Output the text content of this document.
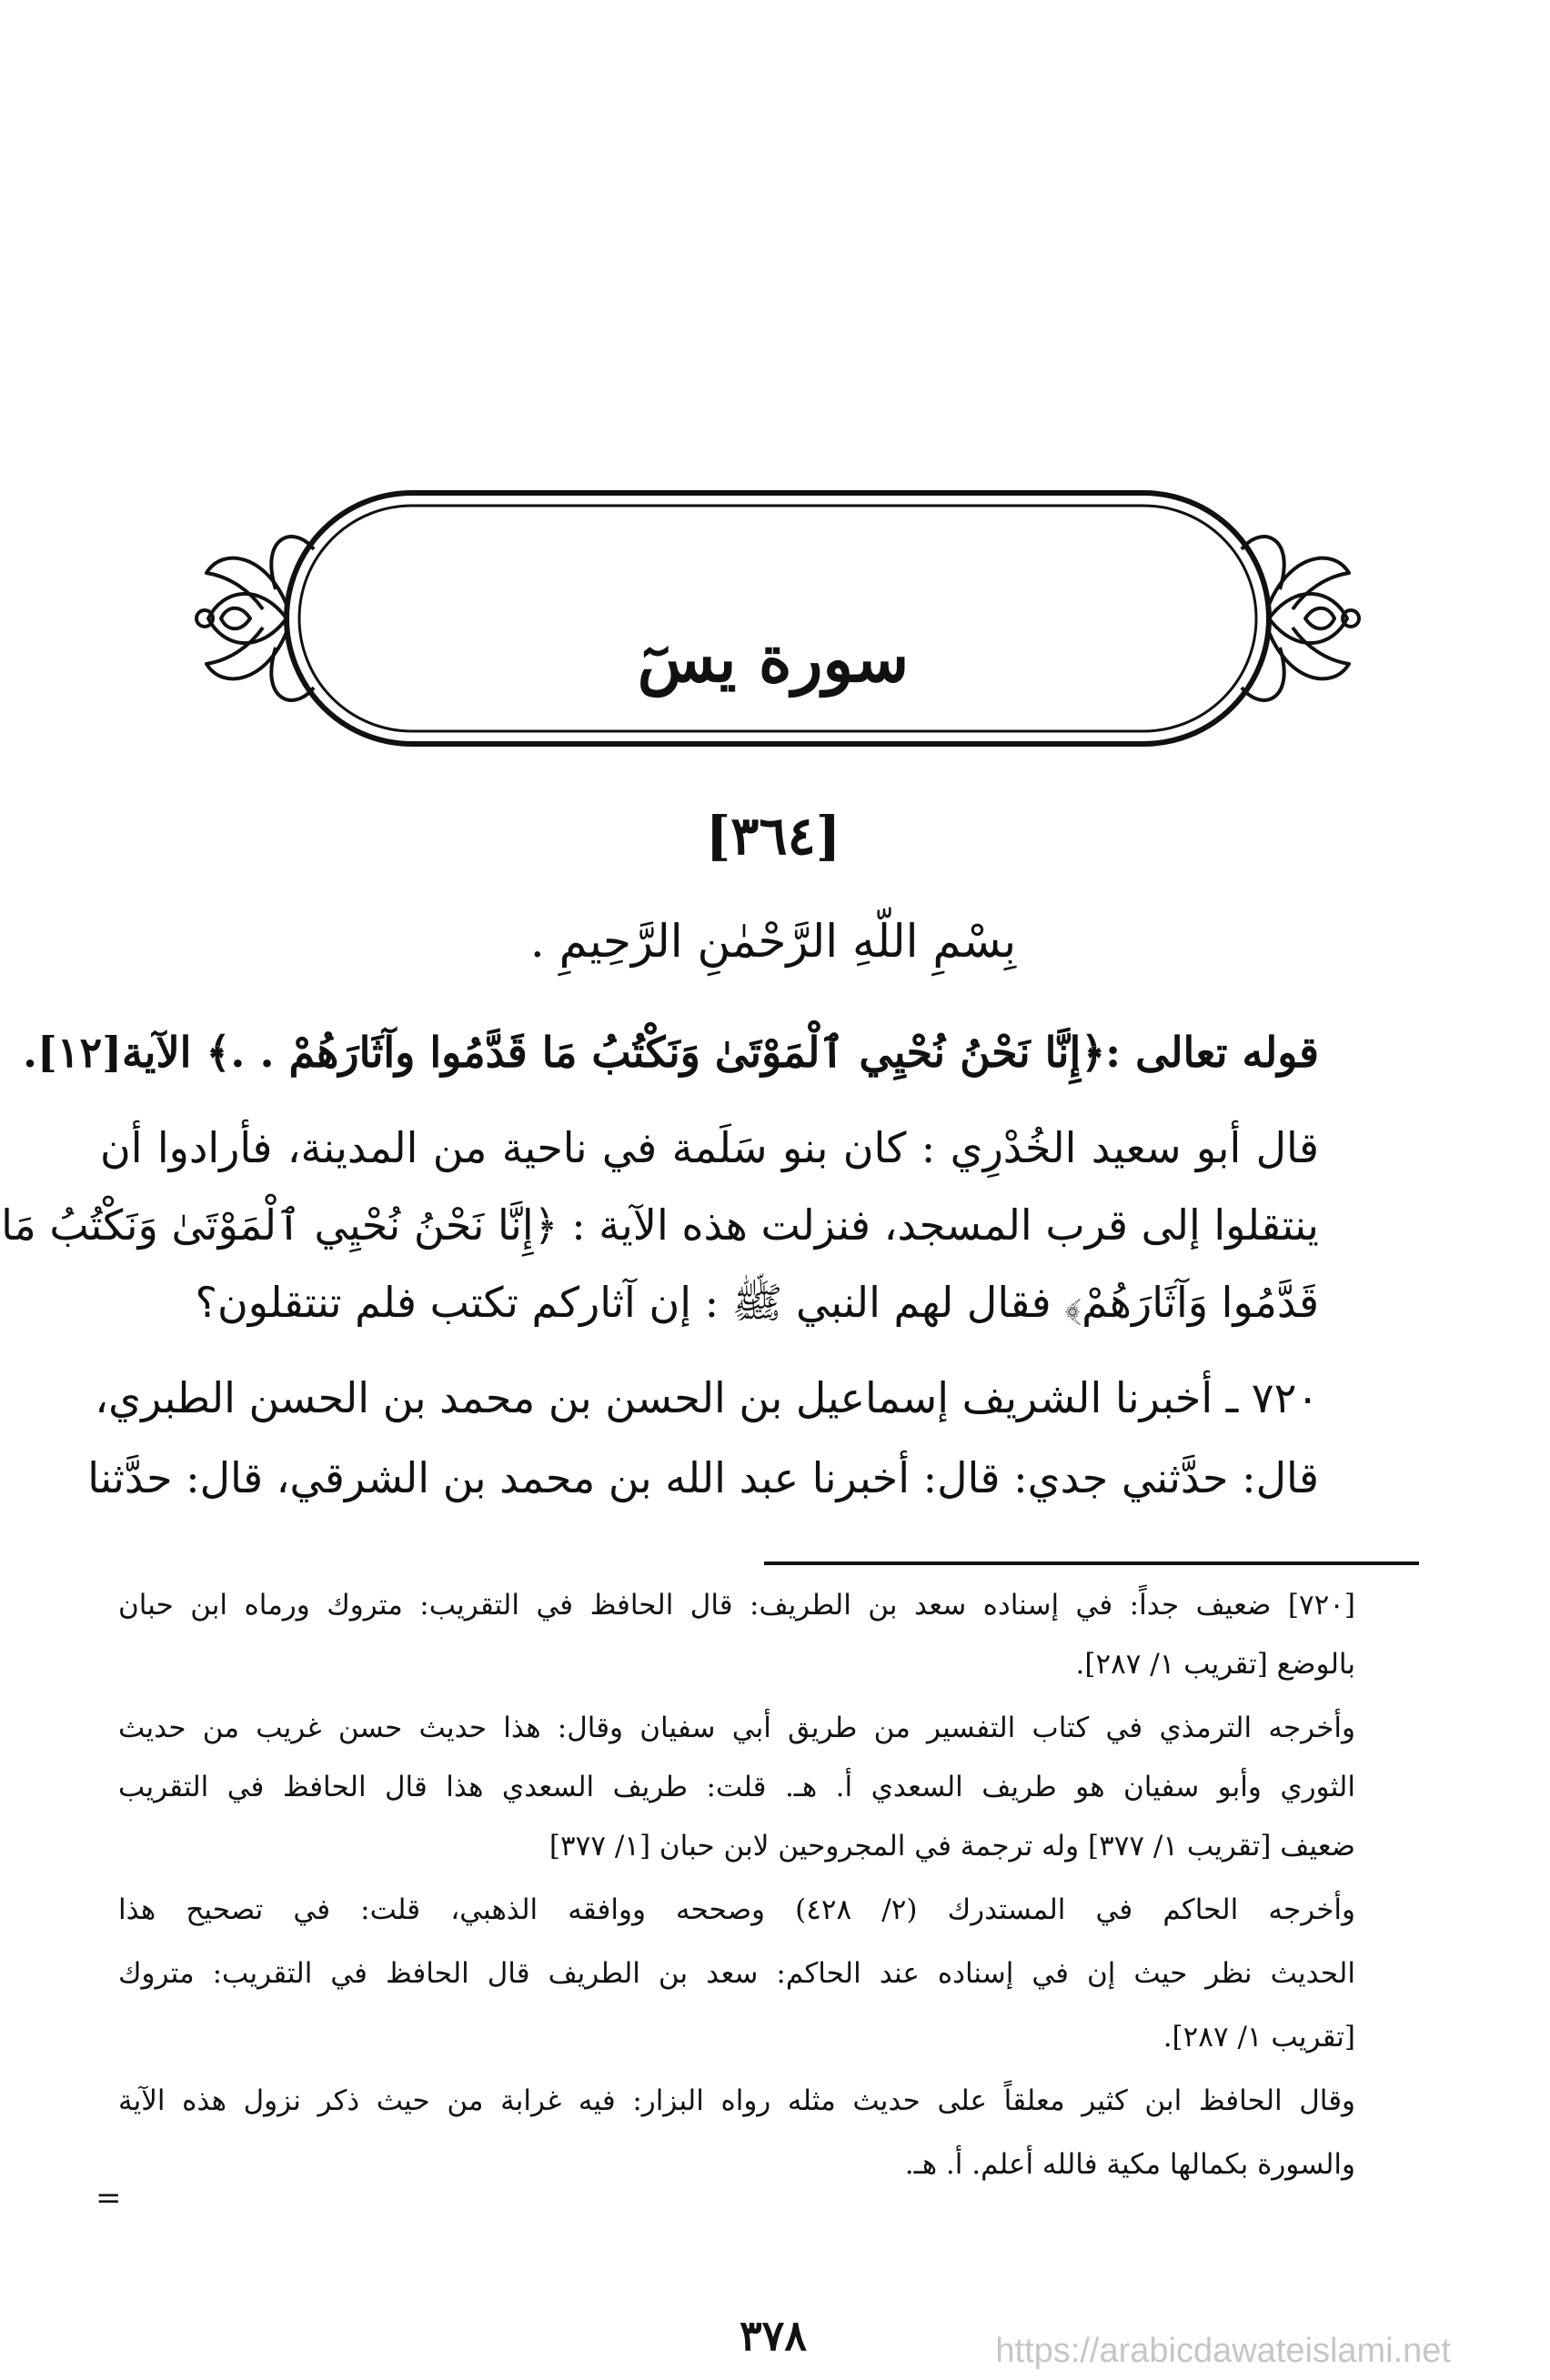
سورة يسٓ
[٣٦٤]
بِسْمِ اللّهِ الرَّحْمٰنِ الرَّحِيمِ .
قوله تعالى :﴿إِنَّا نَحْنُ نُحْيِي ٱلْمَوْتَىٰ وَنَكْتُبُ مَا قَدَّمُوا وآثَارَهُمْ . .﴾ الآية[١٢].
قال أبو سعيد الخُدْرِي : كان بنو سَلَمة في ناحية من المدينة، فأرادوا أن
ينتقلوا إلى قرب المسجد، فنزلت هذه الآية : ﴿إِنَّا نَحْنُ نُحْيِي ٱلْمَوْتَىٰ وَنَكْتُبُ مَا
قَدَّمُوا وَآثَارَهُمْ﴾ فقال لهم النبي ﷺ : إن آثاركم تكتب فلم تنتقلون؟
٧٢٠ ـ أخبرنا الشريف إسماعيل بن الحسن بن محمد بن الحسن الطبري،
قال: حدَّثني جدي: قال: أخبرنا عبد الله بن محمد بن الشرقي، قال: حدَّثنا
[٧٢٠] ضعيف جداً: في إسناده سعد بن الطريف: قال الحافظ في التقريب: متروك ورماه ابن حبان
بالوضع [تقريب ١/ ٢٨٧].
وأخرجه الترمذي في كتاب التفسير من طريق أبي سفيان وقال: هذا حديث حسن غريب من حديث
الثوري وأبو سفيان هو طريف السعدي أ. هـ. قلت: طريف السعدي هذا قال الحافظ في التقريب
ضعيف [تقريب ١/ ٣٧٧] وله ترجمة في المجروحين لابن حبان [١/ ٣٧٧]
وأخرجه الحاكم في المستدرك (٢/ ٤٢٨) وصححه ووافقه الذهبي، قلت: في تصحيح هذا
الحديث نظر حيث إن في إسناده عند الحاكم: سعد بن الطريف قال الحافظ في التقريب: متروك
[تقريب ١/ ٢٨٧].
وقال الحافظ ابن كثير معلقاً على حديث مثله رواه البزار: فيه غرابة من حيث ذكر نزول هذه الآية
والسورة بكمالها مكية فالله أعلم. أ. هـ.
=
٣٧٨	https://arabicdawateislami.net
